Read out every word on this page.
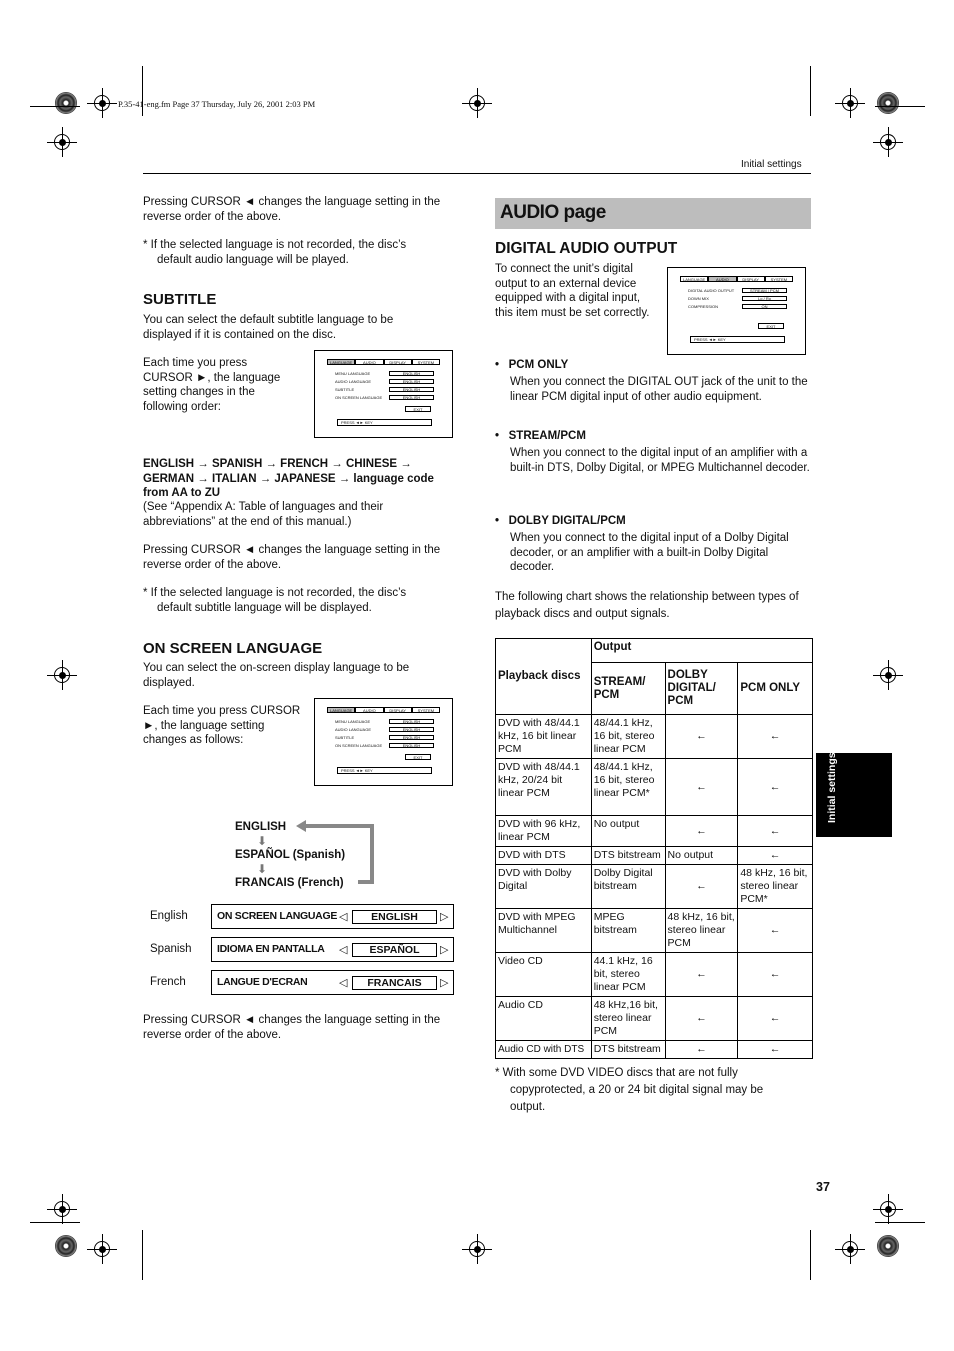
P.35-41-eng.fm Page 37 Thursday, July 26, 2001 2:03 PM
Initial settings
Initial settings
Pressing CURSOR ◄ changes the language setting in the reverse order of the above.
* If the selected language is not recorded, the disc’s default audio language will be played.
SUBTITLE
You can select the default subtitle language to be displayed if it is contained on the disc.
Each time you press CURSOR ►, the language setting changes in the following order:
LANGUAGE	AUDIO	DISPLAY	SYSTEM
MENU LANGUAGE	ENGLISH
AUDIO LANGUAGE	ENGLISH
SUBTITLE	ENGLISH
ON SCREEN LANGUAGE	ENGLISH
EXIT
PRESS ◄► KEY
ENGLISH → SPANISH → FRENCH → CHINESE → GERMAN → ITALIAN → JAPANESE → language code from AA to ZU
(See “Appendix A: Table of languages and their abbreviations” at the end of this manual.)
Pressing CURSOR ◄ changes the language setting in the reverse order of the above.
* If the selected language is not recorded, the disc’s default subtitle language will be displayed.
ON SCREEN LANGUAGE
You can select the on-screen display language to be displayed.
Each time you press CURSOR ►, the language setting changes as follows:
LANGUAGE	AUDIO	DISPLAY	SYSTEM
MENU LANGUAGE	ENGLISH
AUDIO LANGUAGE	ENGLISH
SUBTITLE	ENGLISH
ON SCREEN LANGUAGE	ENGLISH
EXIT
PRESS ◄► KEY
ENGLISH
⬇
ESPAÑOL (Spanish)
⬇
FRANCAIS (French)
English	ON SCREEN LANGUAGE ◁	ENGLISH	▷
Spanish IDIOMA EN PANTALLA ◁	ESPAÑOL	▷
French	LANGUE D'ECRAN	◁	FRANCAIS	▷
Pressing CURSOR ◄ changes the language setting in the reverse order of the above.
AUDIO page
DIGITAL AUDIO OUTPUT
To connect the unit’s digital output to an external device equipped with a digital input, this item must be set correctly.
LANGUAGE	AUDIO	DISPLAY	SYSTEM
DIGITAL AUDIO OUTPUT	STREAM / PCM
DOWN MIX	Lo / Ro
COMPRESSION	ON
EXIT
PRESS ◄► KEY
•   PCM ONLY
When you connect the DIGITAL OUT jack of the unit to the linear PCM digital input of other audio equipment.
•   STREAM/PCM
When you connect to the digital input of an amplifier with a built-in DTS, Dolby Digital, or MPEG Multichannel decoder.
•   DOLBY DIGITAL/PCM
When you connect to the digital input of a Dolby Digital decoder, or an amplifier with a built-in Dolby Digital decoder.
The following chart shows the relationship between types of playback discs and output signals.
Playback discs	Output		
	STREAM/ PCM	DOLBY DIGITAL/ PCM	PCM ONLY
DVD with 48/44.1 kHz, 16 bit linear PCM	48/44.1 kHz, 16 bit, stereo linear PCM	←	←
DVD with 48/44.1 kHz, 20/24 bit linear PCM	48/44.1 kHz, 16 bit, stereo linear PCM*	←	←
DVD with 96 kHz, linear PCM	No output	←	←
DVD with DTS	DTS bitstream	No output	←
DVD with Dolby Digital	Dolby Digital bitstream	←	48 kHz, 16 bit, stereo linear PCM*
DVD with MPEG Multichannel	MPEG bitstream	48 kHz, 16 bit, stereo linear PCM	←
Video CD	44.1 kHz, 16 bit, stereo linear PCM	←	←
Audio CD	48 kHz,16 bit, stereo linear PCM	←	←
Audio CD with DTS	DTS bitstream	←	←
* With some DVD VIDEO discs that are not fully copyprotected, a 20 or 24 bit digital signal may be output.
37
